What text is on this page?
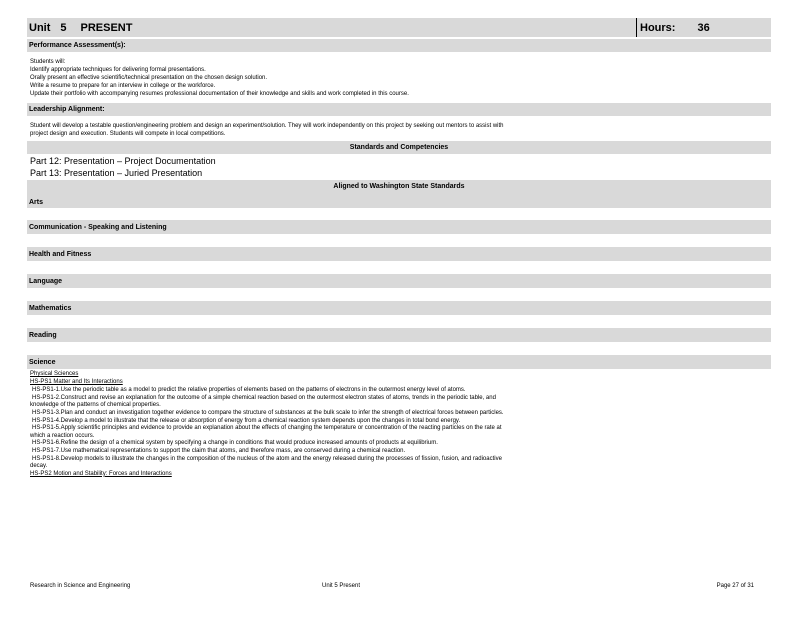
Unit 5 PRESENT	Hours: 36
Performance Assessment(s):
Students will:
Identify appropriate techniques for delivering formal presentations.
Orally present an effective scientific/technical presentation on the chosen design solution.
Write a resume to prepare for an interview in college or the workforce.
Update their portfolio with accompanying resumes professional documentation of their knowledge and skills and work completed in this course.
Leadership Alignment:
Student will develop a testable question/engineering problem and design an experiment/solution. They will work independently on this project by seeking out mentors to assist with
project design and execution. Students will compete in local competitions.
Standards and Competencies
Part 12: Presentation – Project Documentation
Part 13: Presentation – Juried Presentation
Aligned to Washington State Standards
Arts
Communication - Speaking and Listening
Health and Fitness
Language
Mathematics
Reading
Science
Physical Sciences
HS-PS1 Matter and Its Interactions
HS-PS1-1.Use the periodic table as a model to predict the relative properties of elements based on the patterns of electrons in the outermost energy level of atoms.
HS-PS1-2.Construct and revise an explanation for the outcome of a simple chemical reaction based on the outermost electron states of atoms, trends in the periodic table, and
knowledge of the patterns of chemical properties.
HS-PS1-3.Plan and conduct an investigation together evidence to compare the structure of substances at the bulk scale to infer the strength of electrical forces between particles.
HS-PS1-4.Develop a model to illustrate that the release or absorption of energy from a chemical reaction system depends upon the changes in total bond energy.
HS-PS1-5.Apply scientific principles and evidence to provide an explanation about the effects of changing the temperature or concentration of the reacting particles on the rate at
which a reaction occurs.
HS-PS1-6.Refine the design of a chemical system by specifying a change in conditions that would produce increased amounts of products at equilibrium.
HS-PS1-7.Use mathematical representations to support the claim that atoms, and therefore mass, are conserved during a chemical reaction.
HS-PS1-8.Develop models to illustrate the changes in the composition of the nucleus of the atom and the energy released during the processes of fission, fusion, and radioactive
decay.
HS-PS2 Motion and Stability: Forces and Interactions
Research in Science and Engineering	Unit 5 Present	Page 27 of 31
